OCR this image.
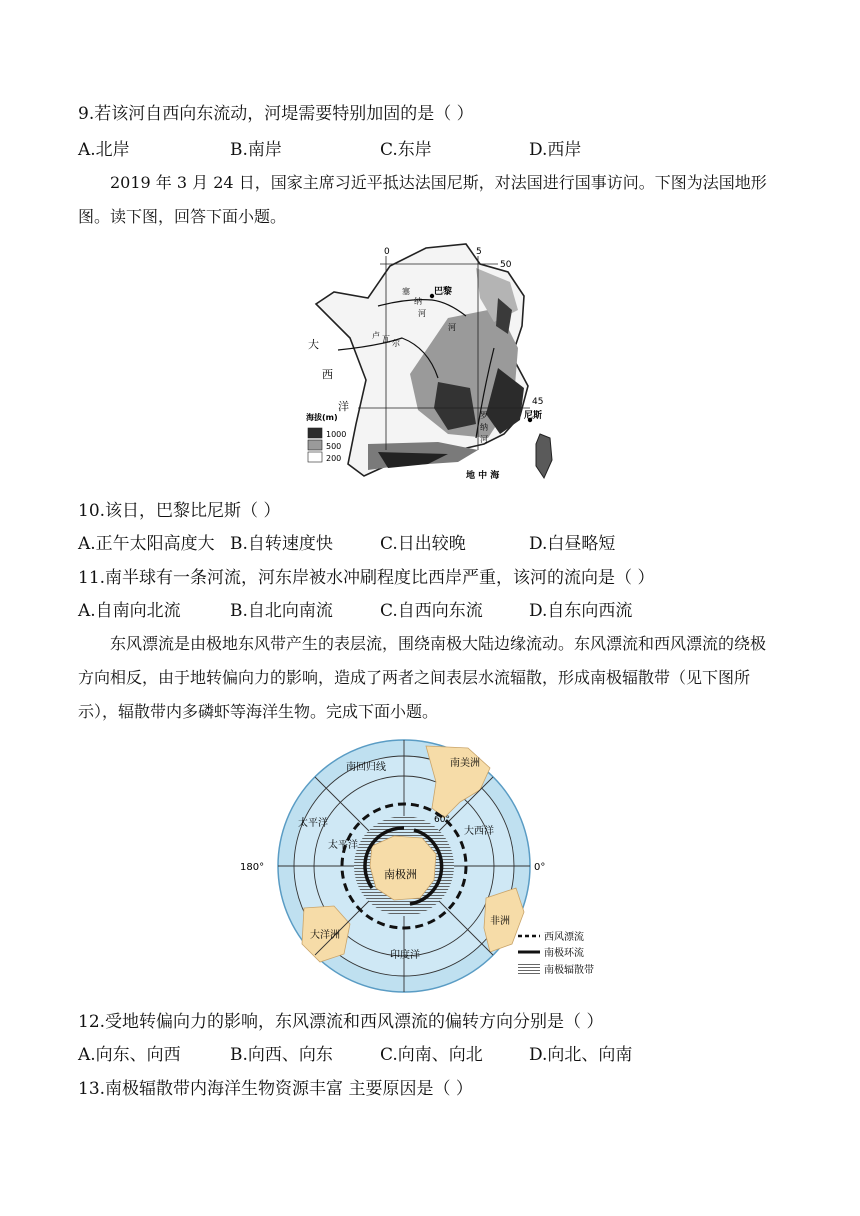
9.若该河自西向东流动，河堤需要特别加固的是（ ）
A.北岸	B.南岸	C.东岸	D.西岸
2019 年 3 月 24 日，国家主席习近平抵达法国尼斯，对法国进行国事访问。下图为法国地形图。读下图，回答下面小题。
0	5
50
45
大
西
洋
地 中 海
巴黎
尼斯
塞
纳
河
卢 瓦 尔
河
罗
纳
河
海拔(m)
1000
500
200
10.该日，巴黎比尼斯（ ）
A.正午太阳高度大 B.自转速度快	C.日出较晚	D.白昼略短
11.南半球有一条河流，河东岸被水冲刷程度比西岸严重，该河的流向是（ ）
A.自南向北流	B.自北向南流	C.自西向东流	D.自东向西流
东风漂流是由极地东风带产生的表层流，围绕南极大陆边缘流动。东风漂流和西风漂流的绕极方向相反，由于地转偏向力的影响，造成了两者之间表层水流辐散，形成南极辐散带（见下图所示），辐散带内多磷虾等海洋生物。完成下面小题。
180°	0°
60°
南回归线
太平洋
太平洋
大西洋
印度洋
南美洲
非洲
大洋洲
南极洲
西风漂流
南极环流
南极辐散带
12.受地转偏向力的影响，东风漂流和西风漂流的偏转方向分别是（ ）
A.向东、向西	B.向西、向东	C.向南、向北	D.向北、向南
13.南极辐散带内海洋生物资源丰富 主要原因是（ ）
